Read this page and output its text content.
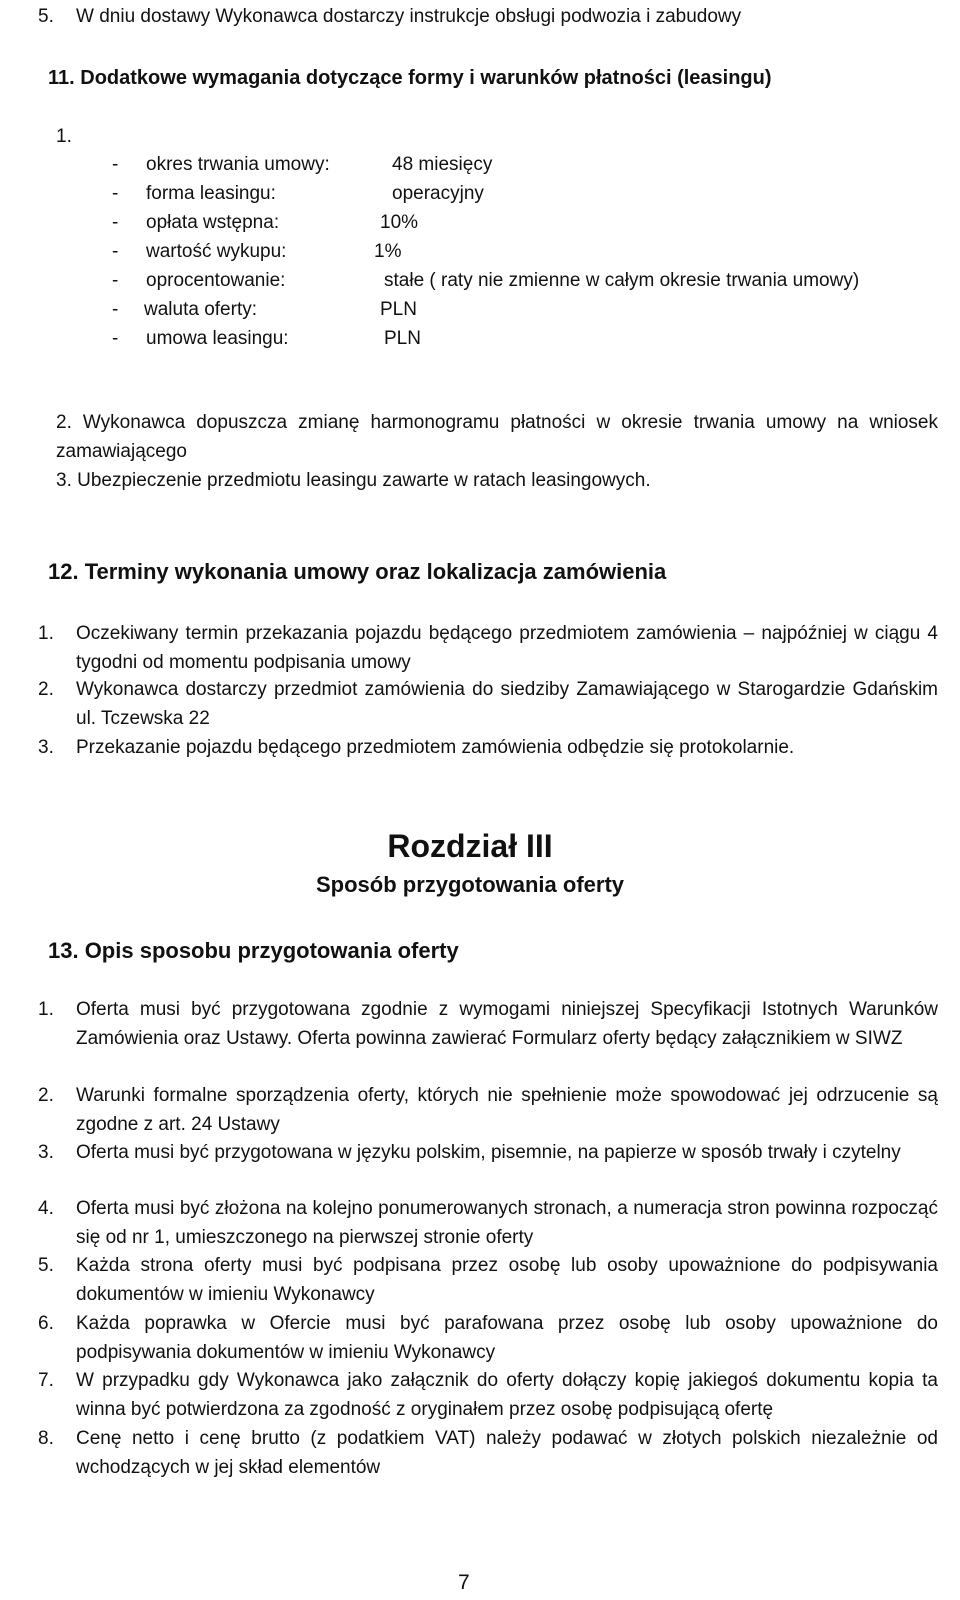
5. W dniu dostawy Wykonawca dostarczy instrukcje obsługi podwozia i zabudowy
11. Dodatkowe wymagania dotyczące formy i warunków płatności (leasingu)
1.
- okres trwania umowy:	48 miesięcy
- forma leasingu:	operacyjny
- opłata wstępna:	10%
- wartość wykupu:	1%
- oprocentowanie:	stałe ( raty nie zmienne w całym okresie trwania umowy)
- waluta oferty:	PLN
- umowa leasingu:	PLN
2. Wykonawca dopuszcza zmianę harmonogramu płatności w okresie trwania umowy na wniosek zamawiającego
3. Ubezpieczenie przedmiotu leasingu zawarte w ratach leasingowych.
12. Terminy wykonania umowy oraz lokalizacja zamówienia
1. Oczekiwany termin przekazania pojazdu będącego przedmiotem zamówienia – najpóźniej w ciągu 4 tygodni od momentu podpisania umowy
2. Wykonawca dostarczy przedmiot zamówienia do siedziby Zamawiającego w Starogardzie Gdańskim ul. Tczewska 22
3. Przekazanie pojazdu będącego przedmiotem zamówienia odbędzie się protokolarnie.
Rozdział III
Sposób przygotowania oferty
13. Opis sposobu przygotowania oferty
1. Oferta musi być przygotowana zgodnie z wymogami niniejszej Specyfikacji Istotnych Warunków Zamówienia oraz Ustawy. Oferta powinna zawierać Formularz oferty będący załącznikiem w SIWZ
2. Warunki formalne sporządzenia oferty, których nie spełnienie może spowodować jej odrzucenie są zgodne z art. 24 Ustawy
3. Oferta musi być przygotowana w języku polskim, pisemnie, na papierze w sposób trwały i czytelny
4. Oferta musi być złożona na kolejno ponumerowanych stronach, a numeracja stron powinna rozpocząć się od nr 1, umieszczonego na pierwszej stronie oferty
5. Każda strona oferty musi być podpisana przez osobę lub osoby upoważnione do podpisywania dokumentów w imieniu Wykonawcy
6. Każda poprawka w Ofercie musi być parafowana przez osobę lub osoby upoważnione do podpisywania dokumentów w imieniu Wykonawcy
7. W przypadku gdy Wykonawca jako załącznik do oferty dołączy kopię jakiegoś dokumentu kopia ta winna być potwierdzona za zgodność z oryginałem przez osobę podpisującą ofertę
8. Cenę netto i cenę brutto (z podatkiem VAT) należy podawać w złotych polskich niezależnie od wchodzących w jej skład elementów
7
